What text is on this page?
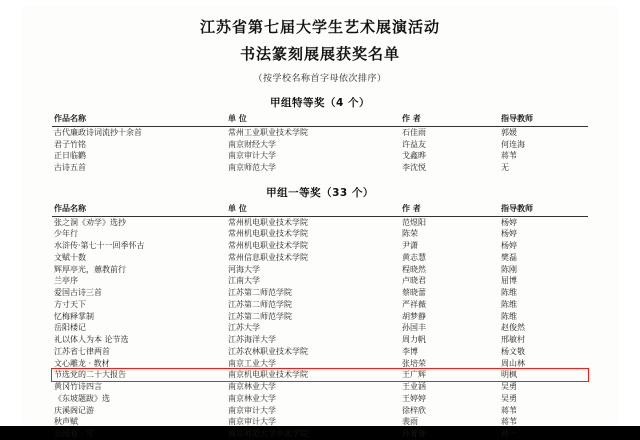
江苏省第七届大学生艺术展演活动
书法篆刻展展获奖名单
（按学校名称首字母依次排序）
甲组特等奖（4 个）
作品名称	单 位	作 者	指导教师
古代廉政诗词流抄十余首	常州工业职业技术学院	石佳雨	郭媛
君子竹铭	南京财经大学	许益友	何连海
正日临鹳	南京审计大学	戈鑫晔	蒋苇
古诗五首	南京师范大学	李沈悦	无
甲组一等奖（33 个）
作品名称	单 位	作 者	指导教师
张之洞《劝学》选抄	常州机电职业技术学院	范煜阳	杨婷
少年行	常州机电职业技术学院	陈荣	杨婷
水浒传·第七十一回季怀古	常州机电职业技术学院	尹潇	杨婷
文赋十数	常州信息职业技术学院	黄志慧	樊磊
辉厚亭光，蕙教前行	河海大学	程晓然	陈刚
兰亭序	江南大学	卢晓君	屈博
爱国古诗三首	江苏第二师范学院	蔡晓蕾	陈维
方寸天下	江苏第二师范学院	严祥薇	陈维
忆梅释掌制	江苏第二师范学院	胡梦静	陈维
岳阳楼记	江苏大学	孙国丰	赵俊然
礼以体人为本 论节选	江苏海洋大学	周力帆	邢敏村
江苏省七律两首	江苏农林职业技术学院	李博	杨文敬
文心雕龙 · 教材	南京工业大学	张培荣	周山林
节选党的二十大报告	南京机电职业技术学院	王广辉	明枫
黄冈竹诗四言	南京林业大学	王业涵	吴勇
《东坡题跋》选	南京林业大学	王婷婷	吴勇
庆溪阁记游	南京审计大学	徐梓欣	蒋苇
秋声赋	南京审计大学	裴雨	蒋苇
公园春 · 雪	南京师范大学中北学院	孙菁菁	孙一
